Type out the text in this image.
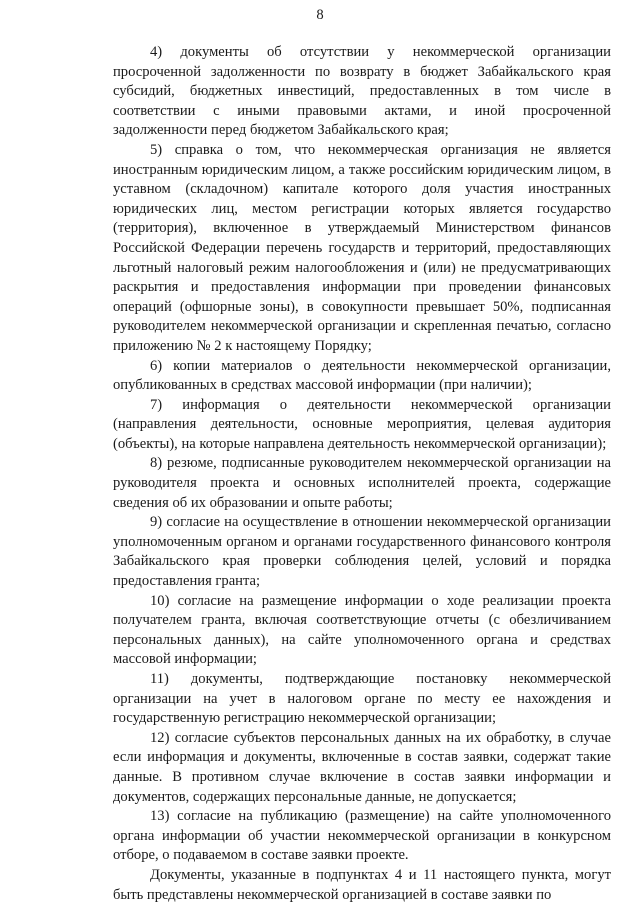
8

4) документы об отсутствии у некоммерческой организации просроченной задолженности по возврату в бюджет Забайкальского края субсидий, бюджетных инвестиций, предоставленных в том числе в соответствии с иными правовыми актами, и иной просроченной задолженности перед бюджетом Забайкальского края;

5) справка о том, что некоммерческая организация не является иностранным юридическим лицом, а также российским юридическим лицом, в уставном (складочном) капитале которого доля участия иностранных юридических лиц, местом регистрации которых является государство (территория), включенное в утверждаемый Министерством финансов Российской Федерации перечень государств и территорий, предоставляющих льготный налоговый режим налогообложения и (или) не предусматривающих раскрытия и предоставления информации при проведении финансовых операций (офшорные зоны), в совокупности превышает 50%, подписанная руководителем некоммерческой организации и скрепленная печатью, согласно приложению № 2 к настоящему Порядку;

6) копии материалов о деятельности некоммерческой организации, опубликованных в средствах массовой информации (при наличии);

7) информация о деятельности некоммерческой организации (направления деятельности, основные мероприятия, целевая аудитория (объекты), на которые направлена деятельность некоммерческой организации);

8) резюме, подписанные руководителем некоммерческой организации на руководителя проекта и основных исполнителей проекта, содержащие сведения об их образовании и опыте работы;

9) согласие на осуществление в отношении некоммерческой организации уполномоченным органом и органами государственного финансового контроля Забайкальского края проверки соблюдения целей, условий и порядка предоставления гранта;

10) согласие на размещение информации о ходе реализации проекта получателем гранта, включая соответствующие отчеты (с обезличиванием персональных данных), на сайте уполномоченного органа и средствах массовой информации;

11) документы, подтверждающие постановку некоммерческой организации на учет в налоговом органе по месту ее нахождения и государственную регистрацию некоммерческой организации;

12) согласие субъектов персональных данных на их обработку, в случае если информация и документы, включенные в состав заявки, содержат такие данные. В противном случае включение в состав заявки информации и документов, содержащих персональные данные, не допускается;

13) согласие на публикацию (размещение) на сайте уполномоченного органа информации об участии некоммерческой организации в конкурсном отборе, о подаваемом в составе заявки проекте.

Документы, указанные в подпунктах 4 и 11 настоящего пункта, могут быть представлены некоммерческой организацией в составе заявки по
